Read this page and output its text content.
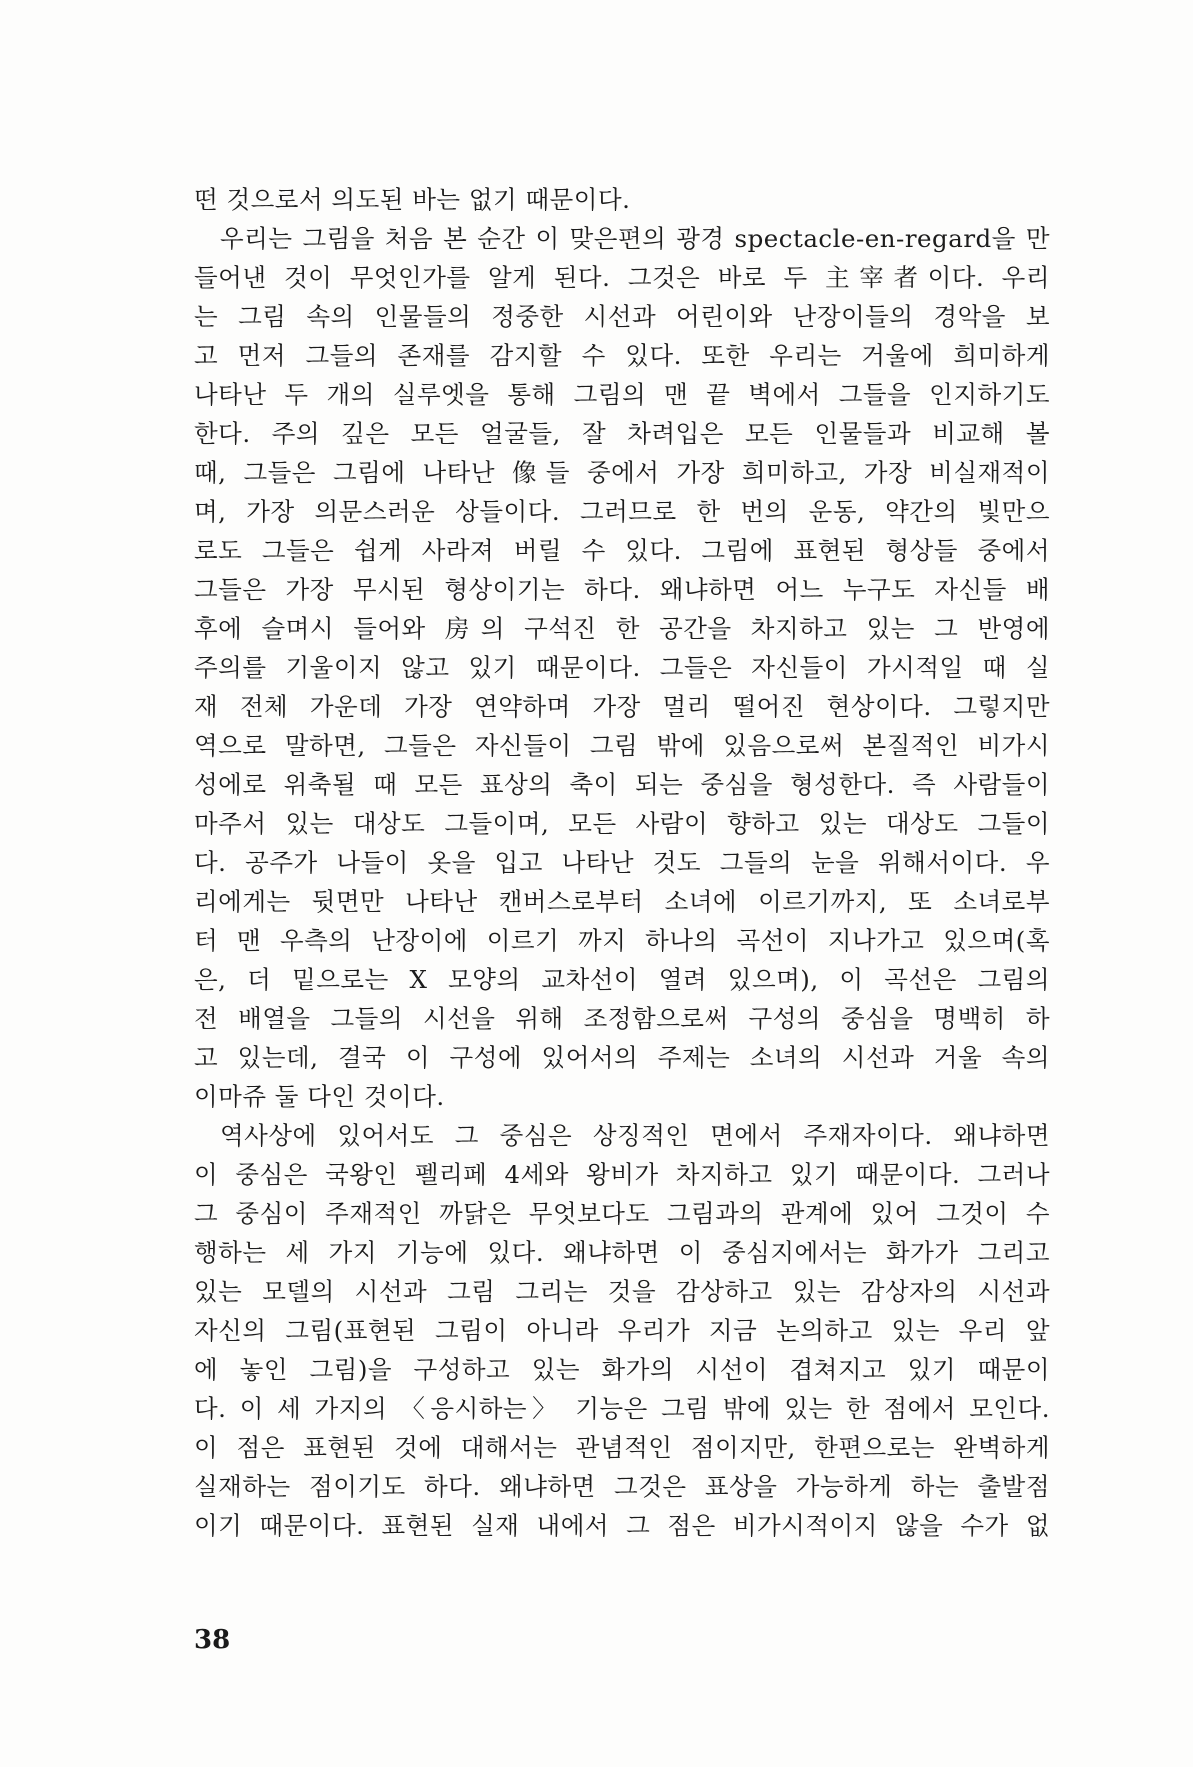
떤 것으로서 의도된 바는 없기 때문이다.
우리는 그림을 처음 본 순간 이 맞은편의 광경 spectacle-en-regard을 만
들어낸 것이 무엇인가를 알게 된다. 그것은 바로 두 主宰者이다. 우리
는 그림 속의 인물들의 정중한 시선과 어린이와 난장이들의 경악을 보
고 먼저 그들의 존재를 감지할 수 있다. 또한 우리는 거울에 희미하게
나타난 두 개의 실루엣을 통해 그림의 맨 끝 벽에서 그들을 인지하기도
한다. 주의 깊은 모든 얼굴들, 잘 차려입은 모든 인물들과 비교해 볼
때, 그들은 그림에 나타난 像들 중에서 가장 희미하고, 가장 비실재적이
며, 가장 의문스러운 상들이다. 그러므로 한 번의 운동, 약간의 빛만으
로도 그들은 쉽게 사라져 버릴 수 있다. 그림에 표현된 형상들 중에서
그들은 가장 무시된 형상이기는 하다. 왜냐하면 어느 누구도 자신들 배
후에 슬며시 들어와 房의 구석진 한 공간을 차지하고 있는 그 반영에
주의를 기울이지 않고 있기 때문이다. 그들은 자신들이 가시적일 때 실
재 전체 가운데 가장 연약하며 가장 멀리 떨어진 현상이다. 그렇지만
역으로 말하면, 그들은 자신들이 그림 밖에 있음으로써 본질적인 비가시
성에로 위축될 때 모든 표상의 축이 되는 중심을 형성한다. 즉 사람들이
마주서 있는 대상도 그들이며, 모든 사람이 향하고 있는 대상도 그들이
다. 공주가 나들이 옷을 입고 나타난 것도 그들의 눈을 위해서이다. 우
리에게는 뒷면만 나타난 캔버스로부터 소녀에 이르기까지, 또 소녀로부
터 맨 우측의 난장이에 이르기 까지 하나의 곡선이 지나가고 있으며(혹
은, 더 밑으로는 X 모양의 교차선이 열려 있으며), 이 곡선은 그림의
전 배열을 그들의 시선을 위해 조정함으로써 구성의 중심을 명백히 하
고 있는데, 결국 이 구성에 있어서의 주제는 소녀의 시선과 거울 속의
이마쥬 둘 다인 것이다.
역사상에 있어서도 그 중심은 상징적인 면에서 주재자이다. 왜냐하면
이 중심은 국왕인 펠리페 4세와 왕비가 차지하고 있기 때문이다. 그러나
그 중심이 주재적인 까닭은 무엇보다도 그림과의 관계에 있어 그것이 수
행하는 세 가지 기능에 있다. 왜냐하면 이 중심지에서는 화가가 그리고
있는 모델의 시선과 그림 그리는 것을 감상하고 있는 감상자의 시선과
자신의 그림(표현된 그림이 아니라 우리가 지금 논의하고 있는 우리 앞
에 놓인 그림)을 구성하고 있는 화가의 시선이 겹쳐지고 있기 때문이
다. 이 세 가지의 〈응시하는〉 기능은 그림 밖에 있는 한 점에서 모인다.
이 점은 표현된 것에 대해서는 관념적인 점이지만, 한편으로는 완벽하게
실재하는 점이기도 하다. 왜냐하면 그것은 표상을 가능하게 하는 출발점
이기 때문이다. 표현된 실재 내에서 그 점은 비가시적이지 않을 수가 없
38
